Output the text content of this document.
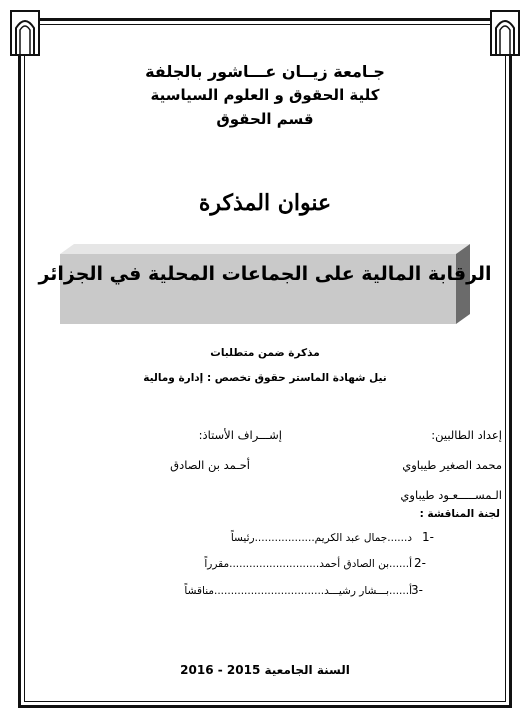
جـامعة زيــان عـــاشور بالجلفة
كلية الحقوق و العلوم السياسية
قسم الحقوق
عنوان المذكرة
الرقابة المالية على الجماعات المحلية في الجزائر
مذكرة ضمن متطلبات
نيل شهادة الماستر حقوق تخصص : إدارة ومالية
إعداد الطالبين:
إشـــراف الأستاذ:
محمد الصغير طيباوي
أحـمد بن الصادق
الـمســـــعـود طيباوي
لجنة المناقشة :
د......جمال عبد الكريم..................رئيساً 1-
أ......بن الصادق أحمد...........................مقرراً 2-
أ......بـــشار رشيـــد.................................مناقشاً 3-
السنة الجامعية 2015 - 2016
